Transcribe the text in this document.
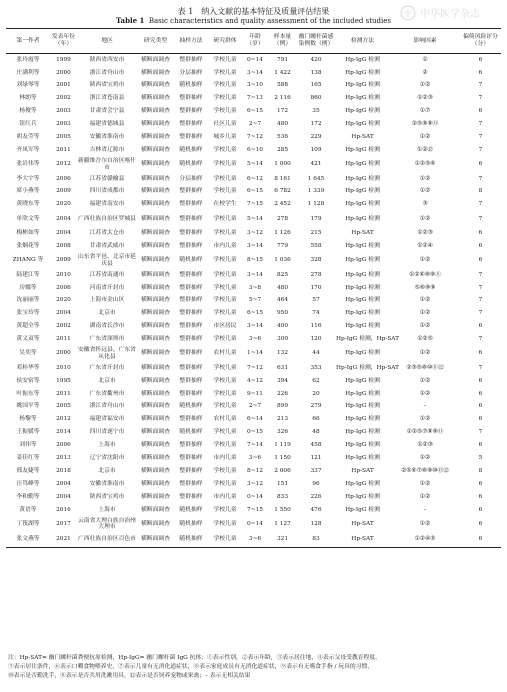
表 1　纳入文献的基本特征及质量评估结果
Table 1 Basic characteristics and quality assessment of the included studies
中 中华医学杂志
第一作者	发表年份（年）	地区	研究类型	抽样方法	研究群体	年龄（岁）	样本量（例）	幽门螺杆菌感染例数（例）	检测方法	影响因素	偏倚风险评分（分）
张玲霞等	1999	陕西省西安市	横断面调查	整群抽样	学校儿童	0~14	791	420	Hp-IgG 检测	①	6
庄满利等	2000	浙江省舟山市	横断面调查	分层抽样	学校儿童	3~14	1 422	138	Hp-IgG 检测	②	6
刘绿琴等	2001	陕西省宝鸡市	横断面调查	随机抽样	学校儿童	3~10	588	165	Hp-IgG 检测	①②	7
林朗等	2002	浙江省苍南县	横断面调查	整群抽样	学校儿童	7~13	2 116	860	Hp-IgG 检测	①②③	7
杨俊等	2003	甘肃省会宁县	横断面调查	整群抽样	学校儿童	6~15	172	35	Hp-IgG 检测	①⑦	6
钮红兵	2003	福建省德城县	横断面调查	整群抽样	社区儿童	2~7	480	172	Hp-IgG 检测	②⑤⑧⑨⑪	7
胡友莹等	2005	安徽省淮南市	横断面调查	整群抽样	城乡儿童	7~12	536	229	Hp-SAT	①②	7
齐凤军等	2011	吉林省辽源市	横断面调查	随机抽样	学校儿童	6~10	285	109	Hp-IgG 检测	①②⑫	7
张岩伟等	2012	新疆维吾尔自治区喀什市	横断面调查	随机抽样	学校儿童	5~14	1 000	421	Hp-IgG 检测	①②⑤⑥	6
李大宇等	2006	江苏省赣榆县	横断面调查	分层抽样	学校儿童	6~12	8 161	1 645	Hp-IgG 检测	①②	7
席小燕等	2009	四川省成都市	横断面调查	整群抽样	学校儿童	6~15	6 782	1 339	Hp-IgG 检测	①②	8
黄晓东等	2020	福建省南安市	横断面调查	整群抽样	在校学生	7~15	2 452	1 128	Hp-IgG 检测	③	7
单欣文等	2004	广西壮族自治区罗城县	横断面调查	整群抽样	学校儿童	5~14	278	179	Hp-IgG 检测	①②	7
梅彬如等	2004	江苏省太仓市	横断面调查	整群抽样	学校儿童	3~12	1 126	215	Hp-SAT	①②③	6
张炯花等	2008	甘肃省武威市	横断面调查	整群抽样	市内儿童	3~14	779	558	Hp-IgG 检测	①②④	6
ZHANG 等	2009	山东省平邑、北京市延庆县	横断面调查	随机抽样	学校儿童	8~15	1 036	328	Hp-IgG 检测	①②	6
陆建江等	2010	江苏省南通市	横断面调查	整群抽样	学校儿童	3~14	825	278	Hp-IgG 检测	①②⑥⑧⑨⑪	7
房娜等	2006	河南省开封市	横断面调查	整群抽样	学校儿童	3~8	480	170	Hp-IgG 检测	⑤⑥⑧⑨	7
沈丽丽等	2020	上海市金山区	横断面调查	整群抽样	学校儿童	5~7	464	57	Hp-IgG 检测	①②	7
张宝玲等	2004	北京市	横断面调查	整群抽样	学校儿童	6~15	950	74	Hp-IgG 检测	①②	7
黄超全等	2002	湖南省长沙市	横断面调查	整群抽样	市区居民	3~14	400	116	Hp-IgG 检测	①②	6
黄义双等	2011	广东省深圳市	横断面调查	整群抽样	学校儿童	3~6	300	120	Hp-IgG 检测，Hp-SAT	①②⑤	7
吴奕等	2000	安徽省怀远县、广东省从化县	横断面调查	整群抽样	农村儿童	1~14	132	44	Hp-IgG 检测	①②	6
邓桂华等	2010	广东省开封市	横断面调查	整群抽样	学校儿童	7~12	631	353	Hp-IgG 检测，Hp-SAT	②③⑤⑧⑩⑪⑫	7
侯安宿等	1995	北京市	横断面调查	整群抽样	学校儿童	4~12	394	62	Hp-IgG 检测	①②	6
叶振东等	2011	广东省衢州市	横断面调查	整群抽样	学校儿童	9~11	226	20	Hp-IgG 检测	①②	6
姚国平等	2005	浙江省舟山市	横断面调查	随机抽样	学校儿童	2~7	899	279	Hp-IgG 检测	–	6
杨黎等	2012	福建省福安市	横断面调查	整群抽样	农村儿童	6~14	213	66	Hp-IgG 检测	①②	6
王振媛等	2014	四川省遂宁市	横断面调查	随机抽样	学校儿童	0~15	326	48	Hp-IgG 检测	①②⑤⑦⑧⑨⑪	7
刘伟等	2006	上海市	横断面调查	整群抽样	学校儿童	7~14	1 119	458	Hp-IgG 检测	①②③	6
姜佳红等	2013	辽宁省沈阳市	横断面调查	整群抽样	市内儿童	3~6	1 150	121	Hp-IgG 检测	①②	5
邢友婕等	2018	北京市	横断面调查	整群抽样	学校儿童	8~12	2 006	337	Hp-SAT	②⑤⑥⑦⑧⑨⑩⑪⑫	8
汪笃峰等	2004	安徽省淮南市	横断面调查	整群抽样	学校儿童	3~12	151	96	Hp-IgG 检测	①②	6
李和勤等	2004	陕西省宝鸡市	横断面调查	整群抽样	市内儿童	0~14	833	226	Hp-IgG 检测	①②	6
黄语等	2016	上海市	横断面调查	随机抽样	学校儿童	7~15	1 550	476	Hp-IgG 检测	–	6
丁筏湖等	2017	云南省大理白族自治州大理市	横断面调查	随机抽样	学校儿童	0~14	1 127	128	Hp-SAT	①②	6
张文燕等	2021	广西壮族自治区百色市	横断面调查	随机抽样	学校儿童	3~6	321	83	Hp-SAT	①②④⑤	6
注：Hp-SAT= 幽门螺杆菌粪便抗原检测，Hp-IgG= 幽门螺杆菌 IgG 抗体；①表示性别，②表示年龄，③表示居住地，④表示父母受教育程度，
⑤表示居住条件，⑥表示口嚼食物喂养史，⑦表示儿童有无消化道症状，⑧表示家庭成员有无消化道症状，⑨表示有无嗜食手指 / 玩具的习惯，
⑩表示是否勤洗手，⑪表示是否共用洗漱用具，⑫表示是否饲养宠物或家禽；– 表示无相关结果
